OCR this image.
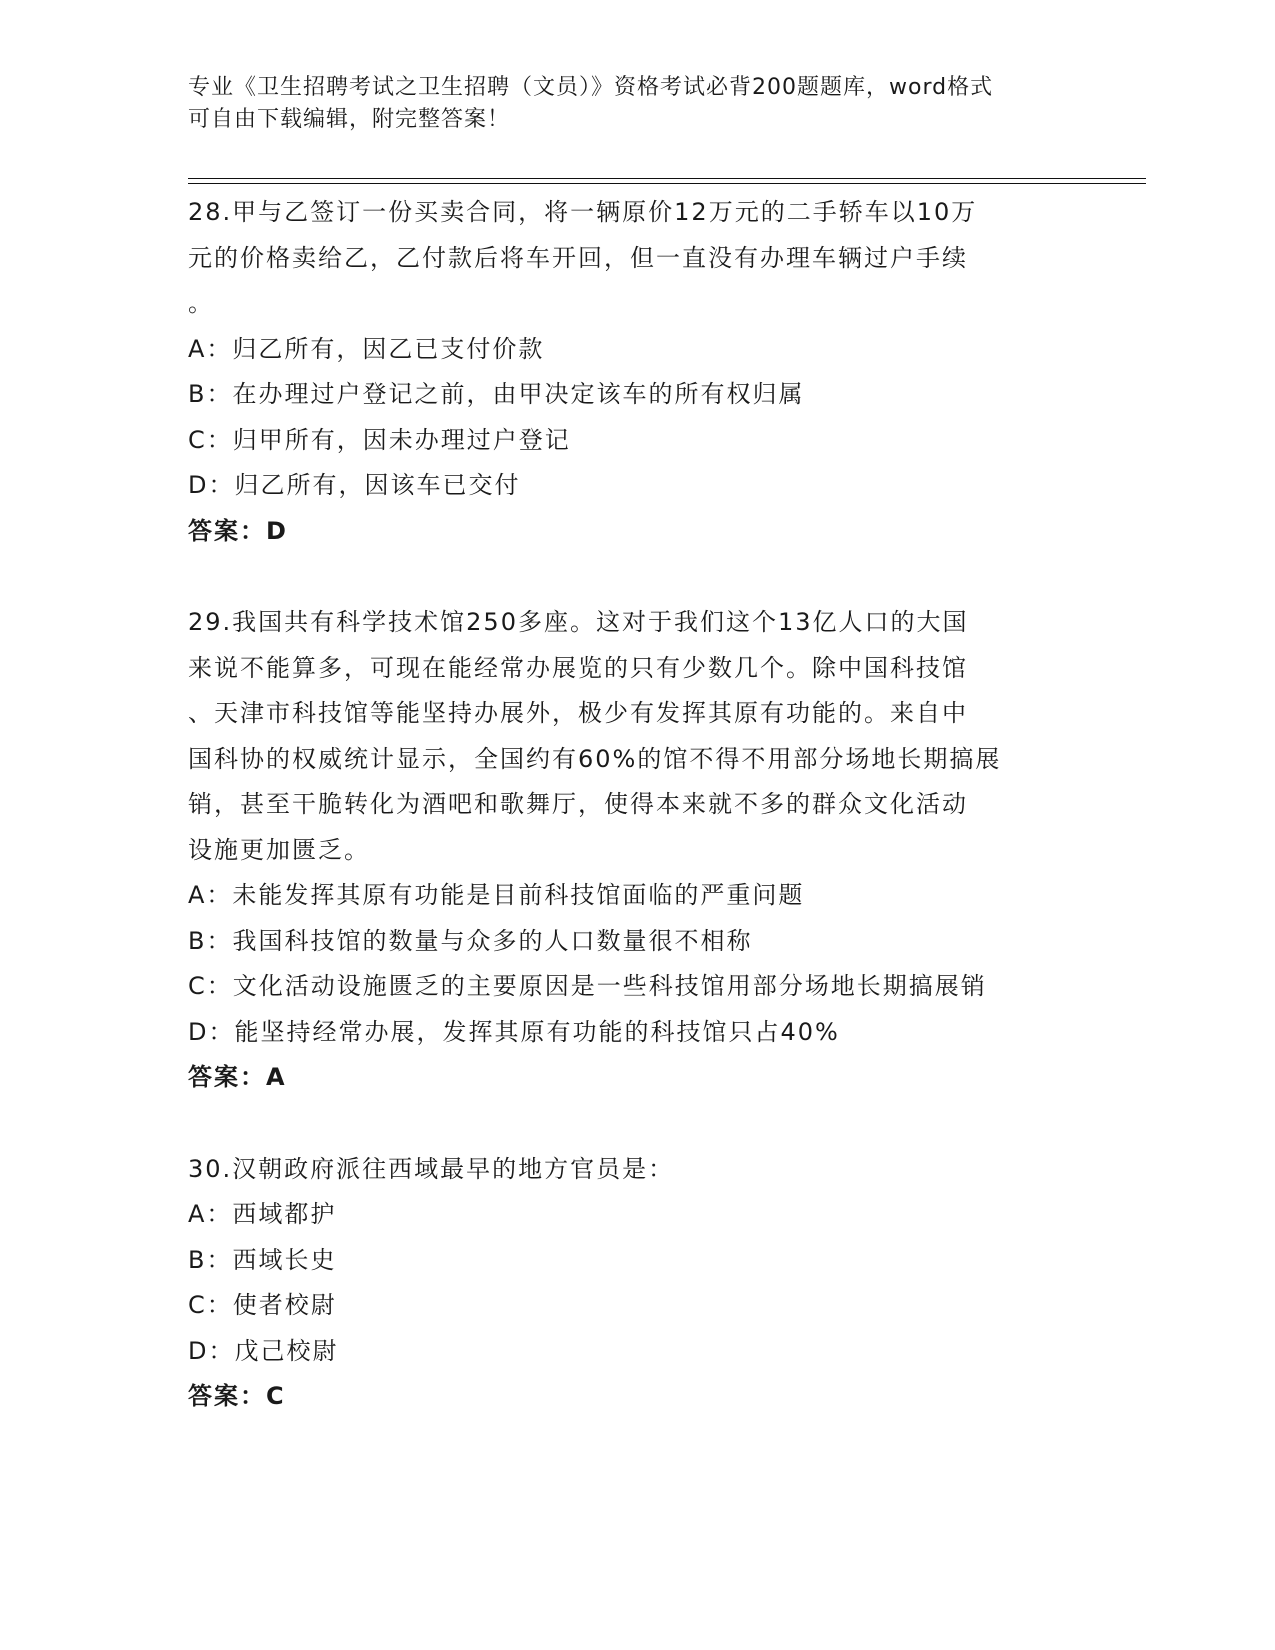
专业《卫生招聘考试之卫生招聘（文员）》资格考试必背200题题库，word格式
可自由下载编辑，附完整答案！
28.甲与乙签订一份买卖合同，将一辆原价12万元的二手轿车以10万
元的价格卖给乙，乙付款后将车开回，但一直没有办理车辆过户手续
。
A：归乙所有，因乙已支付价款
B：在办理过户登记之前，由甲决定该车的所有权归属
C：归甲所有，因未办理过户登记
D：归乙所有，因该车已交付
答案：D
29.我国共有科学技术馆250多座。这对于我们这个13亿人口的大国
来说不能算多，可现在能经常办展览的只有少数几个。除中国科技馆
、天津市科技馆等能坚持办展外，极少有发挥其原有功能的。来自中
国科协的权威统计显示，全国约有60%的馆不得不用部分场地长期搞展
销，甚至干脆转化为酒吧和歌舞厅，使得本来就不多的群众文化活动
设施更加匮乏。
A：未能发挥其原有功能是目前科技馆面临的严重问题
B：我国科技馆的数量与众多的人口数量很不相称
C：文化活动设施匮乏的主要原因是一些科技馆用部分场地长期搞展销
D：能坚持经常办展，发挥其原有功能的科技馆只占40%
答案：A
30.汉朝政府派往西域最早的地方官员是：
A：西域都护
B：西域长史
C：使者校尉
D：戊己校尉
答案：C
